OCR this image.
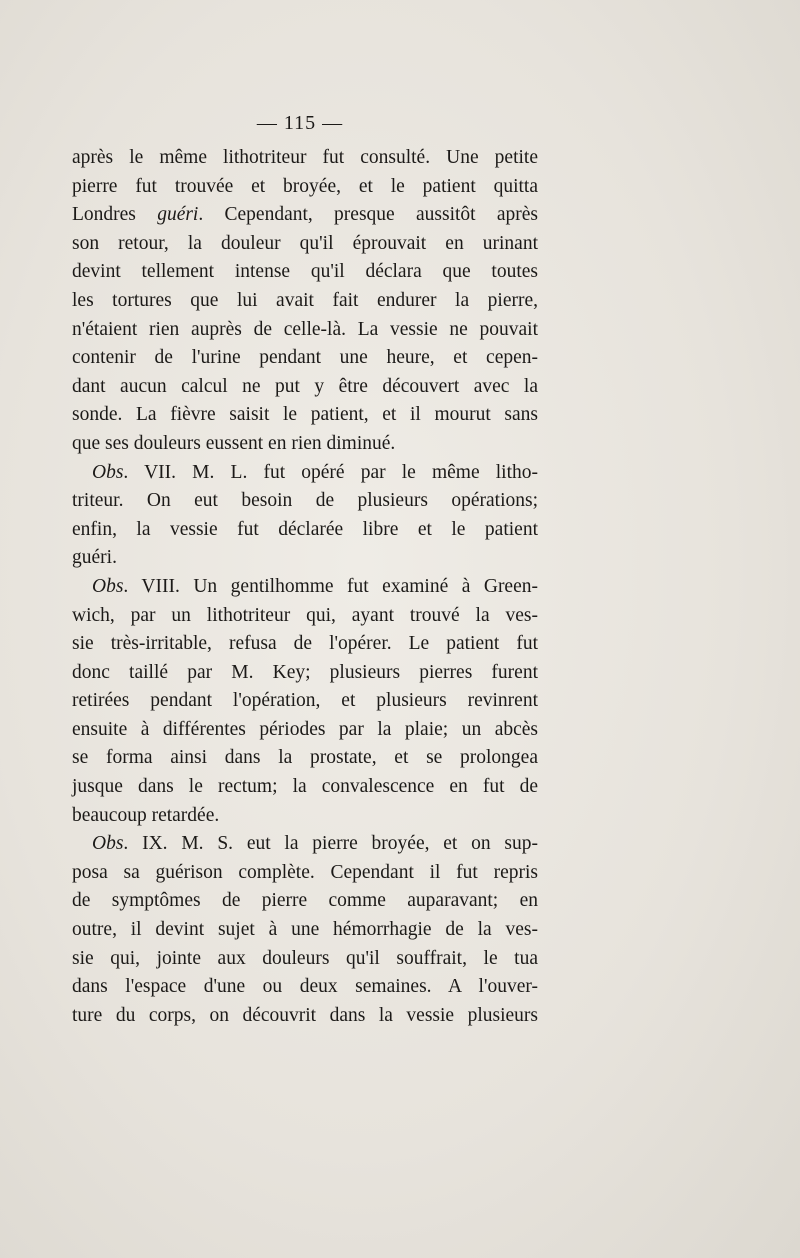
— 115 —
après le même lithotriteur fut consulté. Une petite
pierre fut trouvée et broyée, et le patient quitta
Londres guéri. Cependant, presque aussitôt après
son retour, la douleur qu'il éprouvait en urinant
devint tellement intense qu'il déclara que toutes
les tortures que lui avait fait endurer la pierre,
n'étaient rien auprès de celle-là. La vessie ne pouvait
contenir de l'urine pendant une heure, et cepen-
dant aucun calcul ne put y être découvert avec la
sonde. La fièvre saisit le patient, et il mourut sans
que ses douleurs eussent en rien diminué.
Obs. VII. M. L. fut opéré par le même litho-
triteur. On eut besoin de plusieurs opérations;
enfin, la vessie fut déclarée libre et le patient
guéri.
Obs. VIII. Un gentilhomme fut examiné à Green-
wich, par un lithotriteur qui, ayant trouvé la ves-
sie très-irritable, refusa de l'opérer. Le patient fut
donc taillé par M. Key; plusieurs pierres furent
retirées pendant l'opération, et plusieurs revinrent
ensuite à différentes périodes par la plaie; un abcès
se forma ainsi dans la prostate, et se prolongea
jusque dans le rectum; la convalescence en fut de
beaucoup retardée.
Obs. IX. M. S. eut la pierre broyée, et on sup-
posa sa guérison complète. Cependant il fut repris
de symptômes de pierre comme auparavant; en
outre, il devint sujet à une hémorrhagie de la ves-
sie qui, jointe aux douleurs qu'il souffrait, le tua
dans l'espace d'une ou deux semaines. A l'ouver-
ture du corps, on découvrit dans la vessie plusieurs
